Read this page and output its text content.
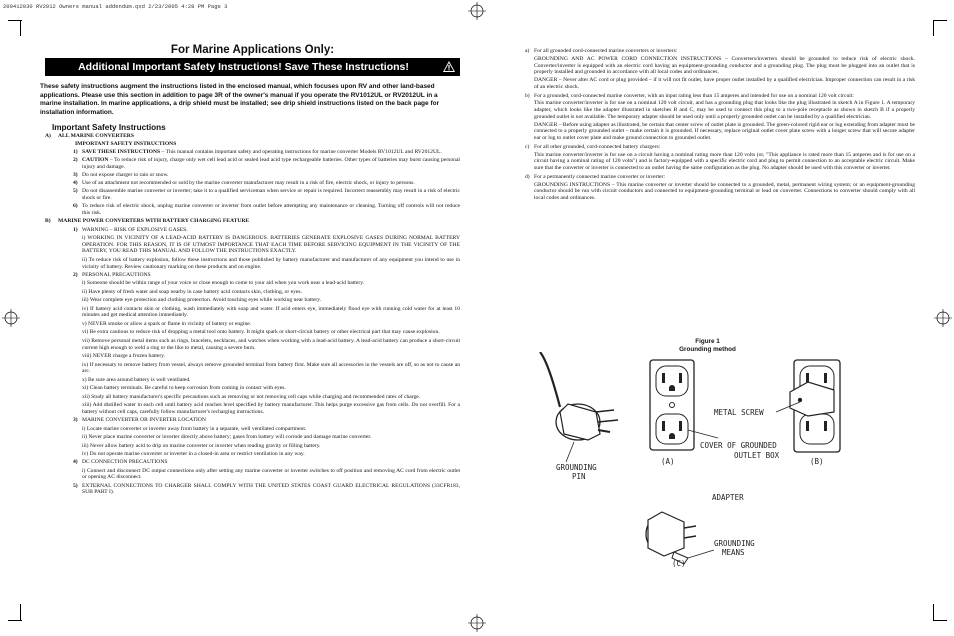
200412030 RV2012 Owners manual addendum.qxd 2/23/2005 4:28 PM Page 3
For Marine Applications Only:
Additional Important Safety Instructions! Save These Instructions!
These safety instructions augment the instructions listed in the enclosed manual, which focuses upon RV and other land-based applications. Please use this section in addition to page 3R of the owner's manual if you operate the RV1012UL or RV2012UL in a marine installation. In marine applications, a drip shield must be installed; see drip shield instructions listed on the back page for installation information.
Important Safety Instructions
A) ALL MARINE CONVERTERS
IMPORTANT SAFETY INSTRUCTIONS
1) SAVE THESE INSTRUCTIONS – This manual contains important safety and operating instructions for marine converter Models RV1012UL and RV2012UL.
2) CAUTION – To reduce risk of injury, charge only wet cell lead acid or sealed lead acid type rechargeable batteries. Other types of batteries may burst causing personal injury and damage.
3) Do not expose charger to rain or snow.
4) Use of an attachment not recommended or sold by the marine converter manufacturer may result in a risk of fire, electric shock, or injury to persons.
5) Do not disassemble marine converter or inverter; take it to a qualified serviceman when service or repair is required. Incorrect reassembly may result in a risk of electric shock or fire.
6) To reduce risk of electric shock, unplug marine converter or inverter from outlet before attempting any maintenance or cleaning. Turning off controls will not reduce this risk.
B) MARINE POWER CONVERTERS WITH BATTERY CHARGING FEATURE
1) WARNING – RISK OF EXPLOSIVE GASES.
i) WORKING IN VICINITY OF A LEAD-ACID BATTERY IS DANGEROUS. BATTERIES GENERATE EXPLOSIVE GASES DURING NORMAL BATTERY OPERATION. FOR THIS REASON, IT IS OF UTMOST IMPORTANCE THAT EACH TIME BEFORE SERVICING EQUIPMENT IN THE VICINITY OF THE BATTERY, YOU READ THIS MANUAL AND FOLLOW THE INSTRUCTIONS EXACTLY.
ii) To reduce risk of battery explosion, follow these instructions and those published by battery manufacturer and manufacturer of any equipment you intend to use in vicinity of battery. Review cautionary marking on these products and on engine.
2) PERSONAL PRECAUTIONS
i) Someone should be within range of your voice or close enough to come to your aid when you work near a lead-acid battery.
ii) Have plenty of fresh water and soap nearby in case battery acid contacts skin, clothing, or eyes.
iii) Wear complete eye protection and clothing protection. Avoid touching eyes while working near battery.
iv) If battery acid contacts skin or clothing, wash immediately with soap and water. If acid enters eye, immediately flood eye with running cold water for at least 10 minutes and get medical attention immediately.
v) NEVER smoke or allow a spark or flame in vicinity of battery or engine.
vi) Be extra cautious to reduce risk of dropping a metal tool onto battery. It might spark or short-circuit battery or other electrical part that may cause explosion.
vii) Remove personal metal items such as rings, bracelets, necklaces, and watches when working with a lead-acid battery. A lead-acid battery can produce a short-circuit current high enough to weld a ring or the like to metal, causing a severe burn.
viii) NEVER charge a frozen battery.
ix) If necessary to remove battery from vessel, always remove grounded terminal from battery first. Make sure all accessories in the vessels are off, so as not to cause an arc.
x) Be sure area around battery is well ventilated.
xi) Clean battery terminals. Be careful to keep corrosion from coming in contact with eyes.
xii) Study all battery manufacturer's specific precautions such as removing or not removing cell caps while charging and recommended rates of charge.
xiii) Add distilled water in each cell until battery acid reaches level specified by battery manufacturer. This helps purge excessive gas from cells. Do not overfill. For a battery without cell caps, carefully follow manufacturer's recharging instructions.
3) MARINE CONVERTER OR INVERTER LOCATION
i) Locate marine converter or inverter away from battery in a separate, well ventilated compartment.
ii) Never place marine converter or inverter directly above battery; gases from battery will corrode and damage marine converter.
iii) Never allow battery acid to drip on marine converter or inverter when reading gravity or filling battery.
iv) Do not operate marine converter or inverter in a closed-in area or restrict ventilation in any way.
4) DC CONNECTION PRECAUTIONS
i) Connect and disconnect DC output connections only after setting any marine converter or inverter switches to off position and removing AC cord from electric outlet or opening AC disconnect.
5) EXTERNAL CONNECTIONS TO CHARGER SHALL COMPLY WITH THE UNITED STATES COAST GUARD ELECTRICAL REGULATIONS (33CFR183, SUB PART I).
a) For all grounded cord-connected marine converters or inverters:
GROUNDING AND AC POWER CORD CONNECTION INSTRUCTIONS – Converters/inverters should be grounded to reduce risk of electric shock. Converter/inverter is equipped with an electric cord having an equipment-grounding conductor and a grounding plug. The plug must be plugged into an outlet that is properly installed and grounded in accordance with all local codes and ordinances.
DANGER – Never alter AC cord or plug provided – if it will not fit outlet, have proper outlet installed by a qualified electrician. Improper connection can result in a risk of an electric shock.
b) For a grounded, cord-connected marine converter, with an input rating less than 15 amperes and intended for use on a nominal 120 volt circuit:
This marine converter/inverter is for use on a nominal 120 volt circuit, and has a grounding plug that looks like the plug illustrated in sketch A in Figure 1. A temporary adapter, which looks like the adapter illustrated in sketches B and C, may be used to connect this plug to a two-pole receptacle as shown in sketch B if a properly grounded outlet is not available. The temporary adapter should be used only until a properly grounded outlet can be installed by a qualified electrician.
DANGER – Before using adapter as illustrated, be certain that center screw of outlet plate is grounded. The green-colored rigid ear or lug extending from adapter must be connected to a properly grounded outlet – make certain it is grounded. If necessary, replace original outlet cover plate screw with a longer screw that will secure adapter ear or lug to outlet cover plate and make ground connection to grounded outlet.
c) For all other grounded, cord-connected battery chargers:
This marine converter/inverter is for use on a circuit having a nominal rating more than 120 volts (or, "This appliance is rated more than 15 amperes and is for use on a circuit having a nominal rating of 120 volts") and is factory-equipped with a specific electric cord and plug to permit connection to an acceptable electric circuit. Make sure that the converter or inverter is connected to an outlet having the same configuration as the plug. No adapter should be used with this converter or inverter.
d) For a permanently connected marine converter or inverter:
GROUNDING INSTRUCTIONS – This marine converter or inverter should be connected to a grounded, metal, permanent wiring system; or an equipment-grounding conductor should be run with circuit conductors and connected to equipment-grounding terminal or lead on converter. Connections to converter should comply with all local codes and ordinances.
Figure 1
Grounding method
GROUNDING
PIN
COVER OF GROUNDED
OUTLET BOX
(A)
METAL SCREW
(B)
ADAPTER
GROUNDING
MEANS
(C)
